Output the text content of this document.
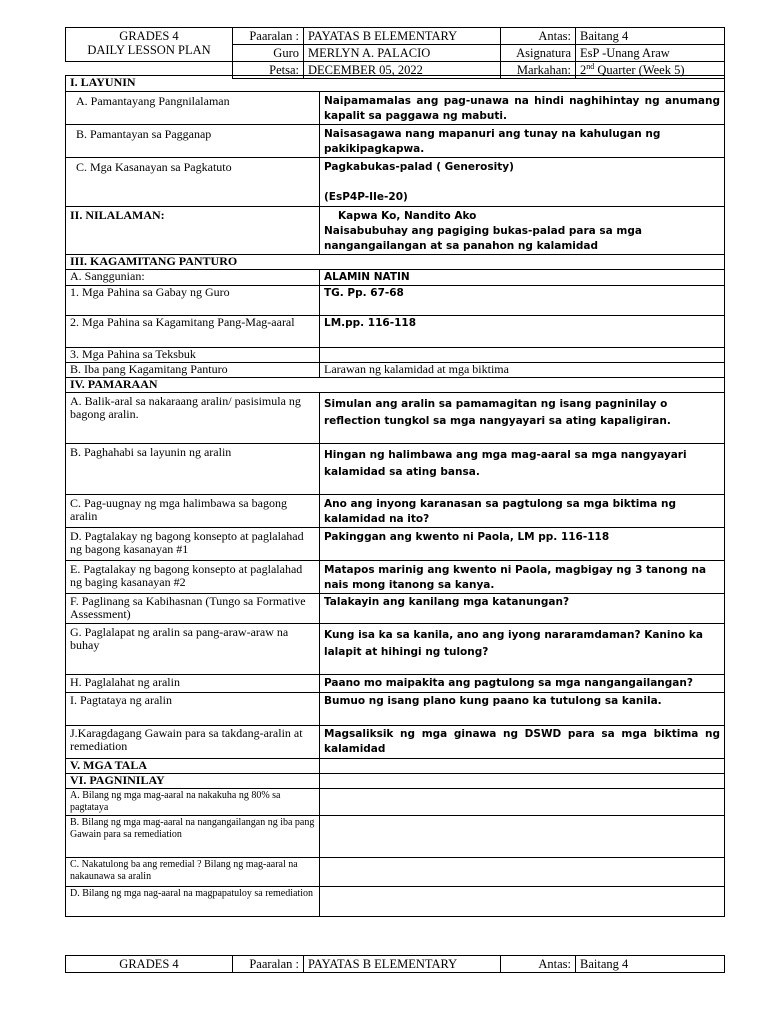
GRADES 4
DAILY LESSON PLAN	Paaralan :	PAYATAS B ELEMENTARY	Antas:	Baitang 4
	Guro	MERLYN A. PALACIO	Asignatura	EsP -Unang Araw
	Petsa:	DECEMBER 05, 2022	Markahan:	2nd Quarter (Week 5)
I. LAYUNIN	
A. Pamantayang Pangnilalaman	Naipamamalas ang pag-unawa na hindi naghihintay ng anumang kapalit sa paggawa ng mabuti.
B. Pamantayan sa Pagganap	Naisasagawa nang mapanuri ang tunay na kahulugan ng pakikipagkapwa.
C. Mga Kasanayan sa Pagkatuto	Pagkabukas-palad ( Generosity)
(EsP4P-IIe-20)

II. NILALAMAN:	Kapwa Ko, Nandito Ako
Naisabubuhay ang pagiging bukas-palad para sa mga nangangailangan at sa panahon ng kalamidad

III. KAGAMITANG PANTURO	
A. Sanggunian:	ALAMIN NATIN
1. Mga Pahina sa Gabay ng Guro	TG. Pp. 67-68
2. Mga Pahina sa Kagamitang Pang-Mag-aaral	LM.pp. 116-118
3. Mga Pahina sa Teksbuk	
B. Iba pang Kagamitang Panturo	Larawan ng kalamidad at mga biktima
IV. PAMARAAN	
A. Balik-aral sa nakaraang aralin/ pasisimula ng bagong aralin.	Simulan ang aralin sa pamamagitan ng isang pagninilay o reflection tungkol sa mga nangyayari sa ating kapaligiran.
B. Paghahabi sa layunin ng aralin	Hingan ng halimbawa ang mga mag-aaral sa mga nangyayari kalamidad sa ating bansa.
C. Pag-uugnay ng mga halimbawa sa bagong aralin	Ano ang inyong karanasan sa pagtulong sa mga biktima ng kalamidad na ito?
D. Pagtalakay ng bagong konsepto at paglalahad ng bagong kasanayan #1	Pakinggan ang kwento ni Paola, LM pp. 116-118
E. Pagtalakay ng bagong konsepto at paglalahad ng baging kasanayan #2	Matapos marinig ang kwento ni Paola, magbigay ng 3 tanong na nais mong itanong sa kanya.
F. Paglinang sa Kabihasnan (Tungo sa Formative Assessment)	Talakayin ang kanilang mga katanungan?
G. Paglalapat ng aralin sa pang-araw-araw na buhay	Kung isa ka sa kanila, ano ang iyong nararamdaman? Kanino ka lalapit at hihingi ng tulong?
H. Paglalahat ng aralin	Paano mo maipakita ang pagtulong sa mga nangangailangan?
I. Pagtataya ng aralin	Bumuo ng isang plano kung paano ka tutulong sa kanila.
J.Karagdagang Gawain para sa takdang-aralin at remediation	Magsaliksik ng mga ginawa ng DSWD para sa mga biktima ng kalamidad
V. MGA TALA	
VI. PAGNINILAY	
A. Bilang ng mga mag-aaral na nakakuha ng 80% sa pagtataya	
B. Bilang ng mga mag-aaral na nangangailangan ng iba pang Gawain para sa remediation	
C. Nakatulong ba ang remedial ? Bilang ng mag-aaral na nakaunawa sa aralin	
D. Bilang ng mga nag-aaral na magpapatuloy sa remediation	
GRADES 4	Paaralan :	PAYATAS B ELEMENTARY	Antas:	Baitang 4
